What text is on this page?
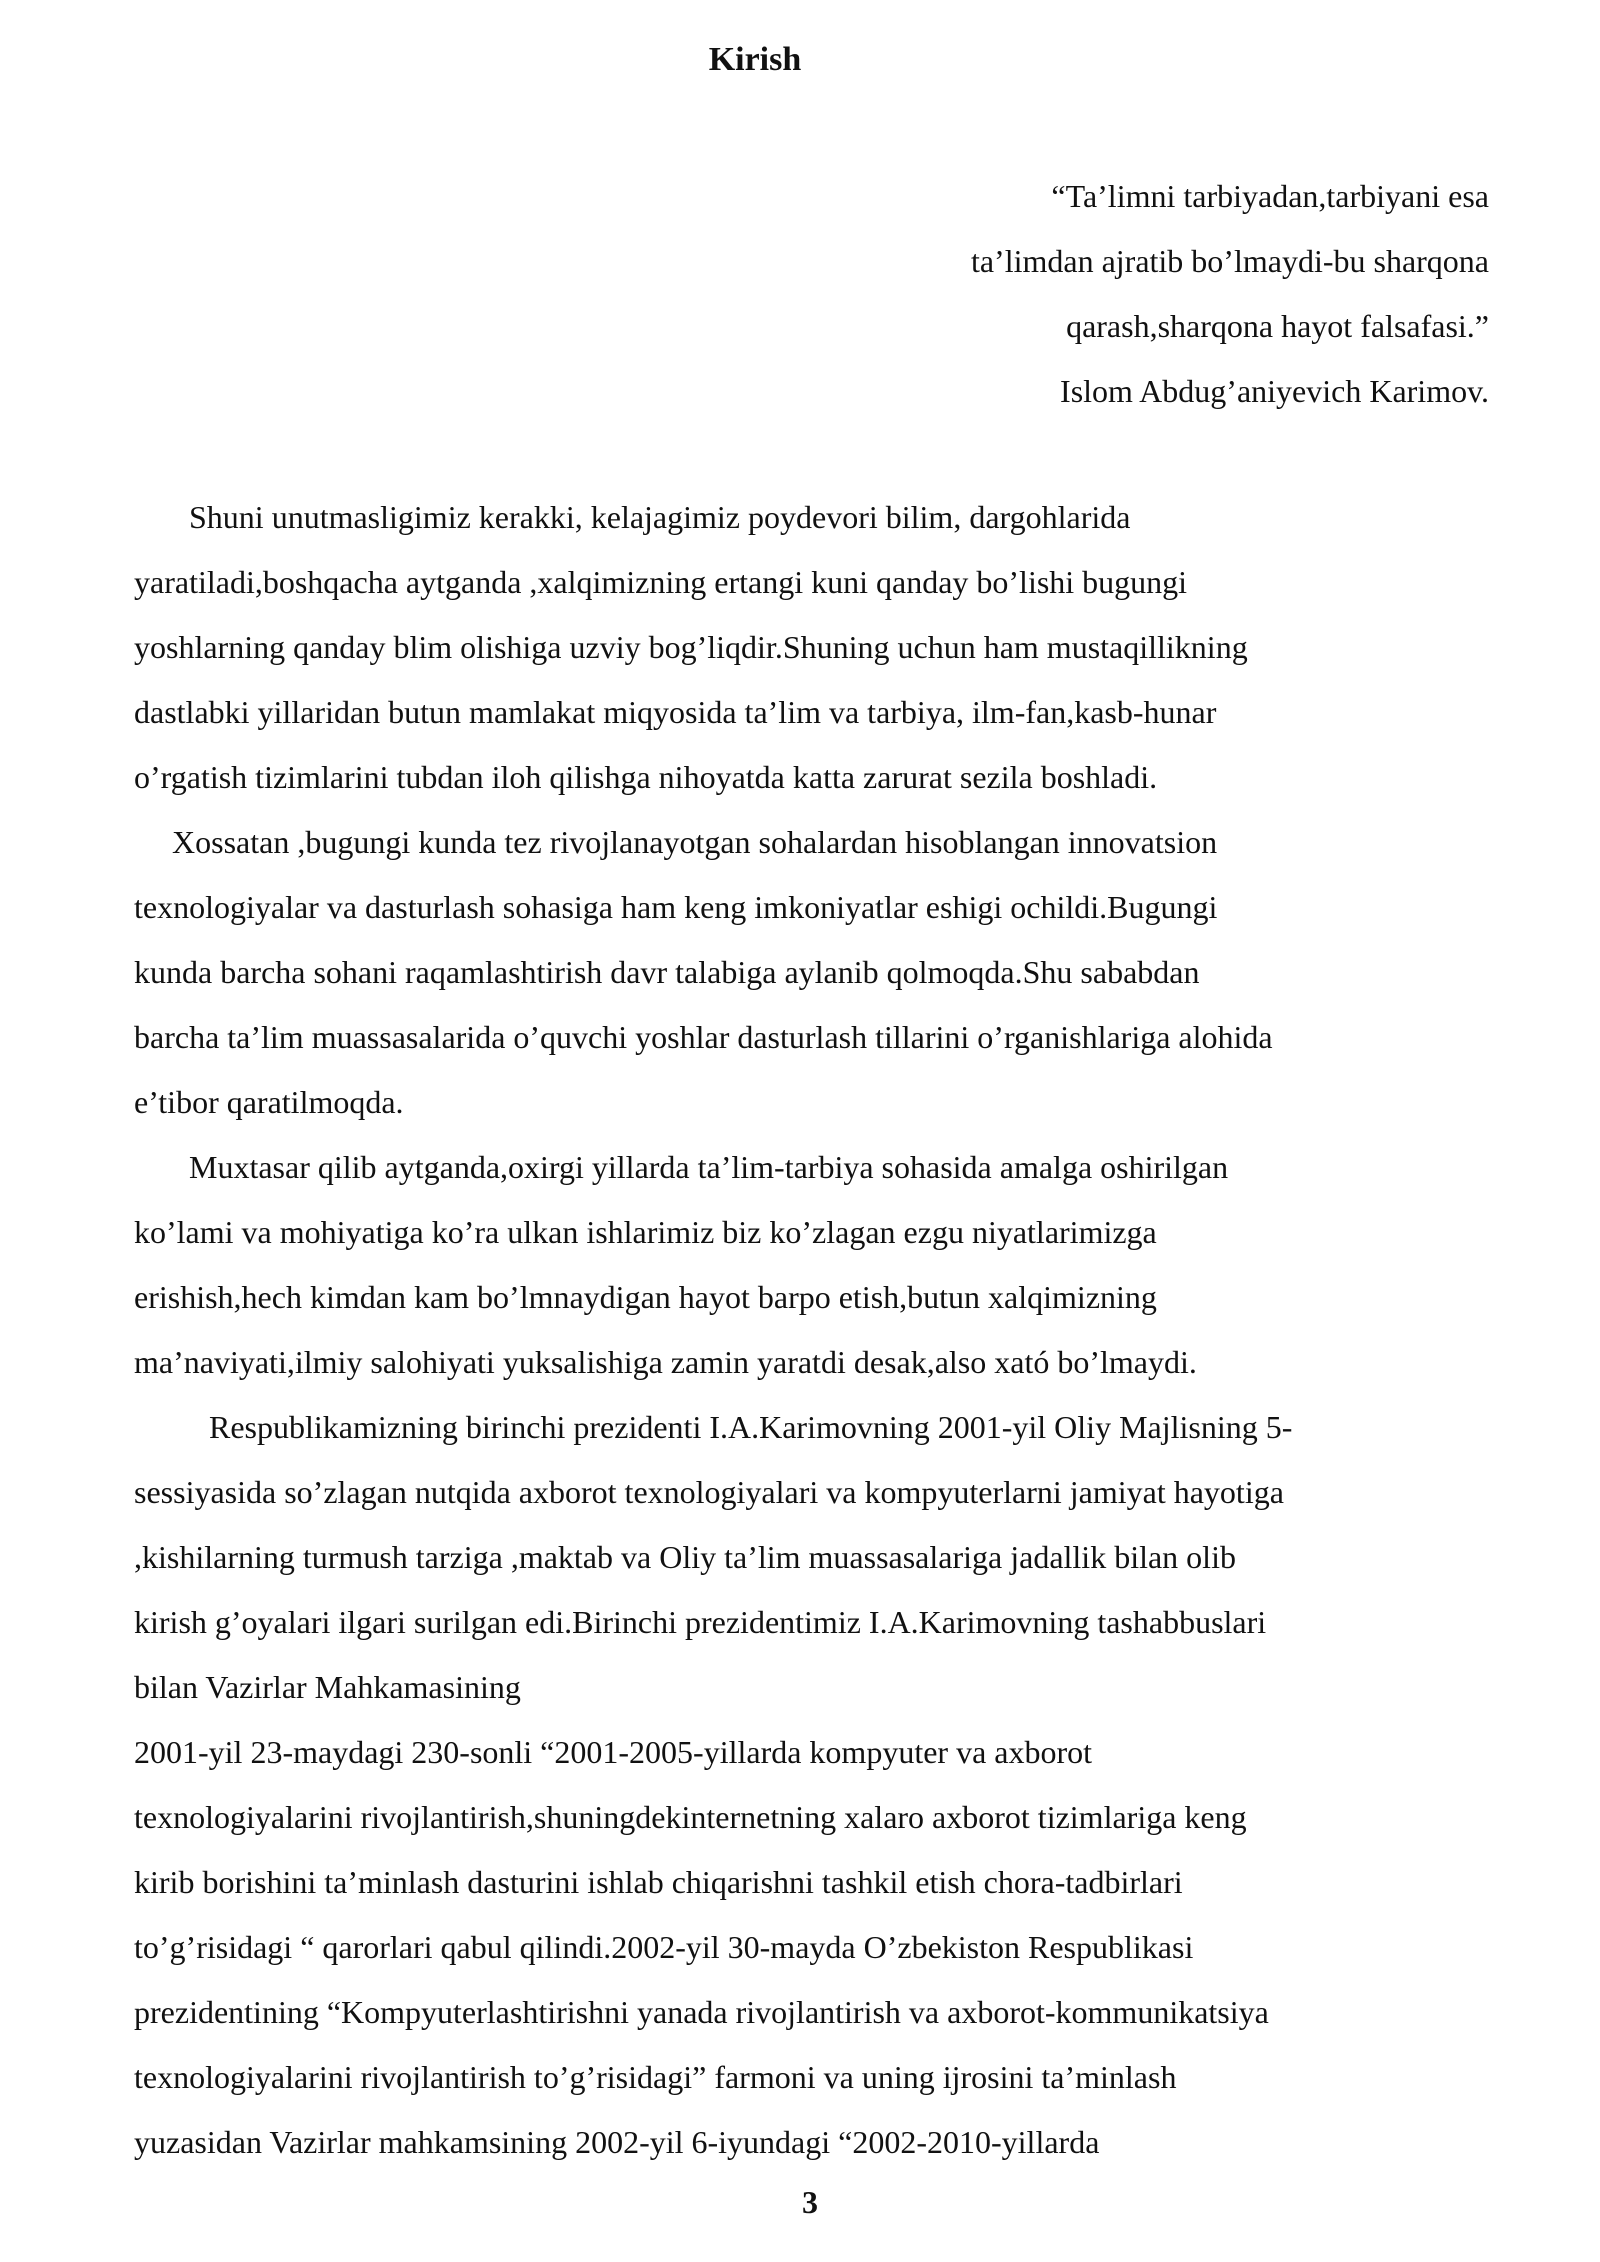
Kirish
“Ta’limni tarbiyadan,tarbiyani esa
ta’limdan ajratib bo’lmaydi-bu sharqona
qarash,sharqona hayot falsafasi.”
Islom Abdug’aniyevich Karimov.
Shuni unutmasligimiz kerakki, kelajagimiz poydevori bilim, dargohlarida
yaratiladi,boshqacha aytganda ,xalqimizning ertangi kuni qanday bo’lishi bugungi
yoshlarning qanday blim olishiga uzviy bog’liqdir.Shuning uchun ham mustaqillikning
dastlabki yillaridan butun mamlakat miqyosida ta’lim va tarbiya, ilm-fan,kasb-hunar
o’rgatish tizimlarini tubdan iloh qilishga nihoyatda katta zarurat sezila boshladi.
Xossatan ,bugungi kunda tez rivojlanayotgan sohalardan hisoblangan innovatsion
texnologiyalar va dasturlash sohasiga ham keng imkoniyatlar eshigi ochildi.Bugungi
kunda barcha sohani raqamlashtirish davr talabiga aylanib qolmoqda.Shu sababdan
barcha ta’lim muassasalarida o’quvchi yoshlar dasturlash tillarini o’rganishlariga alohida
e’tibor qaratilmoqda.
Muxtasar qilib aytganda,oxirgi yillarda ta’lim-tarbiya sohasida amalga oshirilgan
ko’lami va mohiyatiga ko’ra ulkan ishlarimiz biz ko’zlagan ezgu niyatlarimizga
erishish,hech kimdan kam bo’lmnaydigan hayot barpo etish,butun xalqimizning
ma’naviyati,ilmiy salohiyati yuksalishiga zamin yaratdi desak,also xató bo’lmaydi.
Respublikamizning birinchi prezidenti I.A.Karimovning 2001-yil Oliy Majlisning 5-
sessiyasida so’zlagan nutqida axborot texnologiyalari va kompyuterlarni jamiyat hayotiga
,kishilarning turmush tarziga ,maktab va Oliy ta’lim muassasalariga jadallik bilan olib
kirish g’oyalari ilgari surilgan edi.Birinchi prezidentimiz I.A.Karimovning tashabbuslari
bilan Vazirlar Mahkamasining
2001-yil 23-maydagi 230-sonli “2001-2005-yillarda kompyuter va axborot
texnologiyalarini rivojlantirish,shuningdekinternetning xalaro axborot tizimlariga keng
kirib borishini ta’minlash dasturini ishlab chiqarishni tashkil etish chora-tadbirlari
to’g’risidagi “ qarorlari qabul qilindi.2002-yil 30-mayda O’zbekiston Respublikasi
prezidentining “Kompyuterlashtirishni yanada rivojlantirish va axborot-kommunikatsiya
texnologiyalarini rivojlantirish to’g’risidagi” farmoni va uning ijrosini ta’minlash
yuzasidan Vazirlar mahkamsining 2002-yil 6-iyundagi “2002-2010-yillarda
3
